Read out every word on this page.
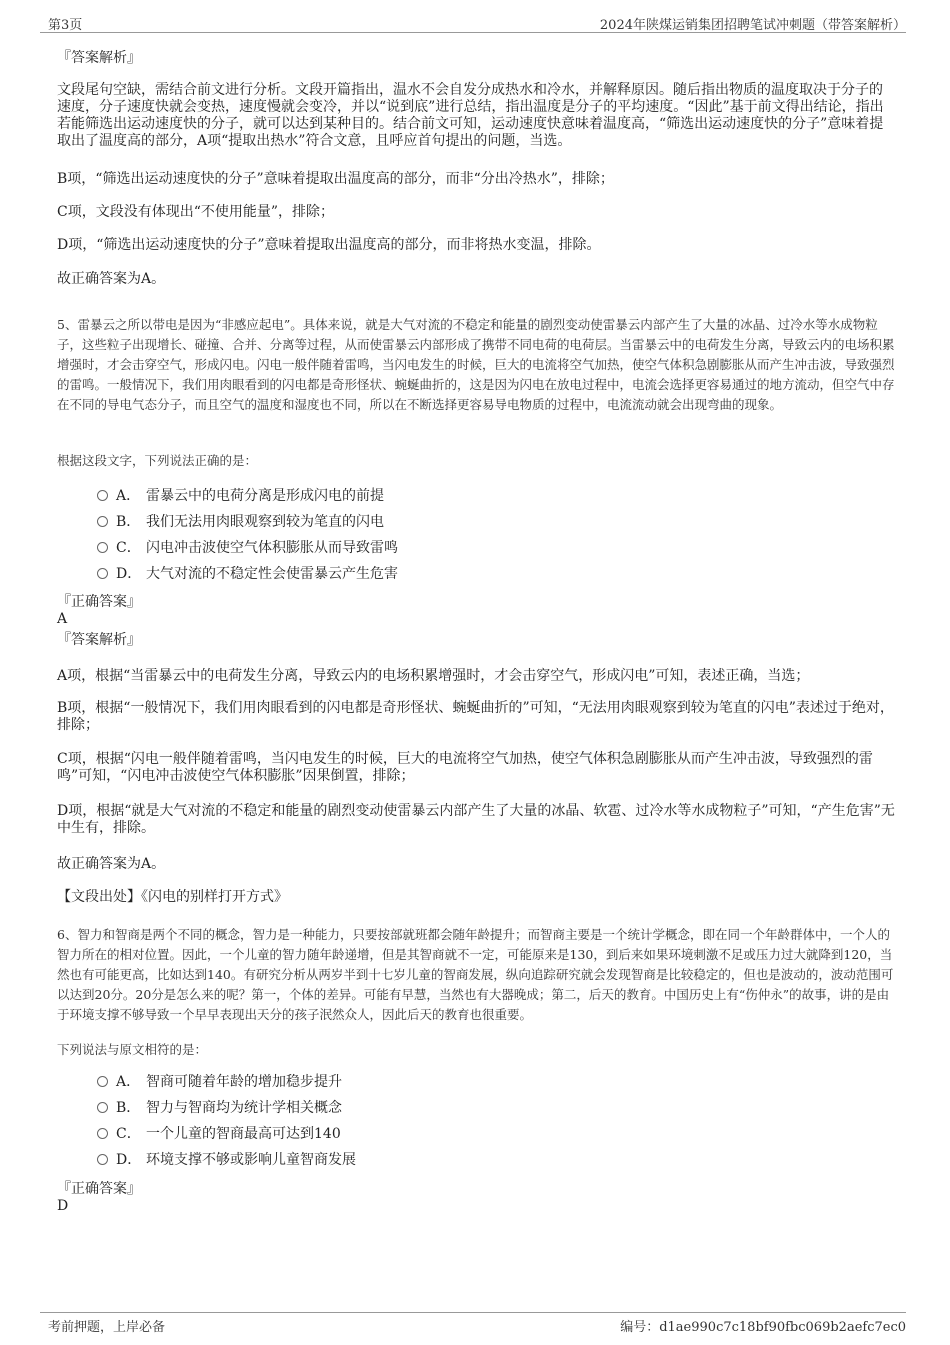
第3页	2024年陕煤运销集团招聘笔试冲刺题（带答案解析）
『答案解析』
文段尾句空缺，需结合前文进行分析。文段开篇指出，温水不会自发分成热水和冷水，并解释原因。随后指出物质的温度取决于分子的速度，分子速度快就会变热，速度慢就会变冷，并以“说到底”进行总结，指出温度是分子的平均速度。“因此”基于前文得出结论，指出若能筛选出运动速度快的分子，就可以达到某种目的。结合前文可知，运动速度快意味着温度高，“筛选出运动速度快的分子”意味着提取出了温度高的部分，A项“提取出热水”符合文意，且呼应首句提出的问题，当选。
B项，“筛选出运动速度快的分子”意味着提取出温度高的部分，而非“分出冷热水”，排除；
C项，文段没有体现出“不使用能量”，排除；
D项，“筛选出运动速度快的分子”意味着提取出温度高的部分，而非将热水变温，排除。
故正确答案为A。
5、雷暴云之所以带电是因为“非感应起电”。具体来说，就是大气对流的不稳定和能量的剧烈变动使雷暴云内部产生了大量的冰晶、过冷水等水成物粒子，这些粒子出现增长、碰撞、合并、分离等过程，从而使雷暴云内部形成了携带不同电荷的电荷层。当雷暴云中的电荷发生分离，导致云内的电场积累增强时，才会击穿空气，形成闪电。闪电一般伴随着雷鸣，当闪电发生的时候，巨大的电流将空气加热，使空气体积急剧膨胀从而产生冲击波，导致强烈的雷鸣。一般情况下，我们用肉眼看到的闪电都是奇形怪状、蜿蜒曲折的，这是因为闪电在放电过程中，电流会选择更容易通过的地方流动，但空气中存在不同的导电气态分子，而且空气的温度和湿度也不同，所以在不断选择更容易导电物质的过程中，电流流动就会出现弯曲的现象。
根据这段文字，下列说法正确的是：
A． 雷暴云中的电荷分离是形成闪电的前提
B． 我们无法用肉眼观察到较为笔直的闪电
C． 闪电冲击波使空气体积膨胀从而导致雷鸣
D． 大气对流的不稳定性会使雷暴云产生危害
『正确答案』
A
『答案解析』
A项，根据“当雷暴云中的电荷发生分离，导致云内的电场积累增强时，才会击穿空气，形成闪电”可知，表述正确，当选；
B项，根据“一般情况下，我们用肉眼看到的闪电都是奇形怪状、蜿蜒曲折的”可知，“无法用肉眼观察到较为笔直的闪电”表述过于绝对，排除；
C项，根据“闪电一般伴随着雷鸣，当闪电发生的时候，巨大的电流将空气加热，使空气体积急剧膨胀从而产生冲击波，导致强烈的雷鸣”可知，“闪电冲击波使空气体积膨胀”因果倒置，排除；
D项，根据“就是大气对流的不稳定和能量的剧烈变动使雷暴云内部产生了大量的冰晶、软雹、过冷水等水成物粒子”可知，“产生危害”无中生有，排除。
故正确答案为A。
【文段出处】《闪电的别样打开方式》
6、智力和智商是两个不同的概念，智力是一种能力，只要按部就班都会随年龄提升；而智商主要是一个统计学概念，即在同一个年龄群体中，一个人的智力所在的相对位置。因此，一个儿童的智力随年龄递增，但是其智商就不一定，可能原来是130，到后来如果环境刺激不足或压力过大就降到120，当然也有可能更高，比如达到140。有研究分析从两岁半到十七岁儿童的智商发展，纵向追踪研究就会发现智商是比较稳定的，但也是波动的，波动范围可以达到20分。20分是怎么来的呢？第一，个体的差异。可能有早慧，当然也有大器晚成；第二，后天的教育。中国历史上有“伤仲永”的故事，讲的是由于环境支撑不够导致一个早早表现出天分的孩子泯然众人，因此后天的教育也很重要。
下列说法与原文相符的是：
A． 智商可随着年龄的增加稳步提升
B． 智力与智商均为统计学相关概念
C． 一个儿童的智商最高可达到140
D． 环境支撑不够或影响儿童智商发展
『正确答案』
D
考前押题，上岸必备	编号：d1ae990c7c18bf90fbc069b2aefc7ec0
